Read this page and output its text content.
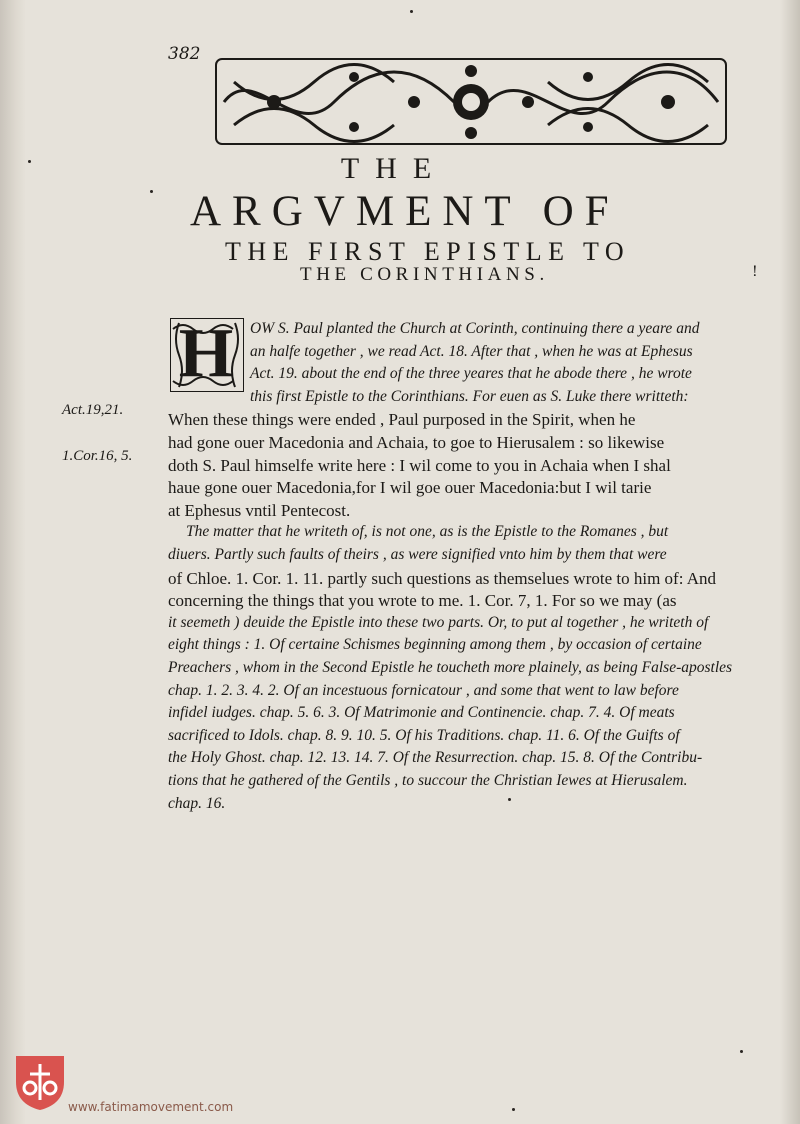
382
THE
ARGVMENT OF
THE FIRST EPISTLE TO
THE CORINTHIANS.	!
H
Act.19,21.
1.Cor.16, 5.
OW S. Paul planted the Church at Corinth, continuing there a yeare and
an halfe together , we read Act. 18. After that , when he was at Ephesus
Act. 19. about the end of the three yeares that he abode there , he wrote
this first Epistle to the Corinthians. For euen as S. Luke there writteth:
When these things were ended , Paul purposed in the Spirit, when he
had gone ouer Macedonia and Achaia, to goe to Hierusalem : so likewise
doth S. Paul himselfe write here : I wil come to you in Achaia when I shal
haue gone ouer Macedonia,for I wil goe ouer Macedonia:but I wil tarie
at Ephesus vntil Pentecost.
The matter that he writeth of, is not one, as is the Epistle to the Romanes , but
diuers. Partly such faults of theirs , as were signified vnto him by them that were
of Chloe. 1. Cor. 1. 11. partly such questions as themselues wrote to him of: And
concerning the things that you wrote to me. 1. Cor. 7, 1. For so we may (as
it seemeth ) deuide the Epistle into these two parts. Or, to put al together , he writeth of
eight things : 1. Of certaine Schismes beginning among them , by occasion of certaine
Preachers , whom in the Second Epistle he toucheth more plainely, as being False-apostles
chap. 1. 2. 3. 4. 2. Of an incestuous fornicatour , and some that went to law before
infidel iudges. chap. 5. 6. 3. Of Matrimonie and Continencie. chap. 7. 4. Of meats
sacrificed to Idols. chap. 8. 9. 10. 5. Of his Traditions. chap. 11. 6. Of the Guifts of
the Holy Ghost. chap. 12. 13. 14. 7. Of the Resurrection. chap. 15. 8. Of the Contribu-
tions that he gathered of the Gentils , to succour the Christian Iewes at Hierusalem.
chap. 16.
www.fatimamovement.com
